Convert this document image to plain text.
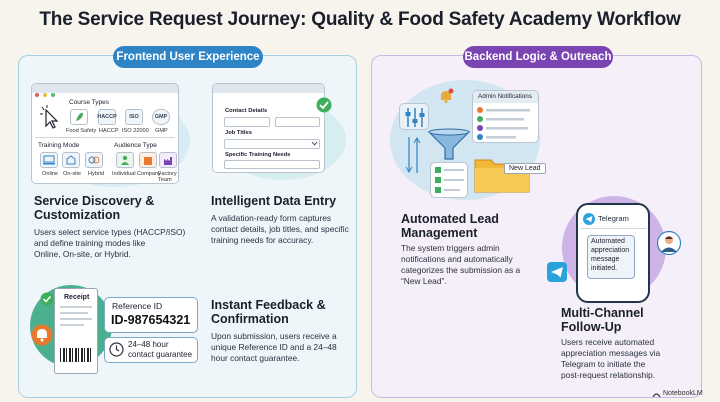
The Service Request Journey: Quality & Food Safety Academy Workflow
Frontend User Experience
Course Types
HACCP	ISO	GMP
Food Safety HACCP ISO 22000 GMP
Training Mode	Audience Type
Online On-site Hybrid Individual Company
Factory Team
Service Discovery &
Customization
Users select service types (HACCP/ISO)
and define training modes like
Online, On-site, or Hybrid.
Contact Details
Job Titles
Specific Training Needs
Intelligent Data Entry
A validation-ready form captures
contact details, job titles, and specific
training needs for accuracy.
Receipt
Reference ID
ID-987654321
24–48 hour
contact guarantee
Instant Feedback &
Confirmation
Upon submission, users receive a
unique Reference ID and a 24–48
hour contact guarantee.
Backend Logic & Outreach
Admin Notifications
New Lead
Automated Lead
Management
The system triggers admin
notifications and automatically
categorizes the submission as a
“New Lead”.
Telegram
Automated
appreciation
message
initiated.
Multi-Channel
Follow-Up
Users receive automated
appreciation messages via
Telegram to initiate the
post-request relationship.
NotebookLM
